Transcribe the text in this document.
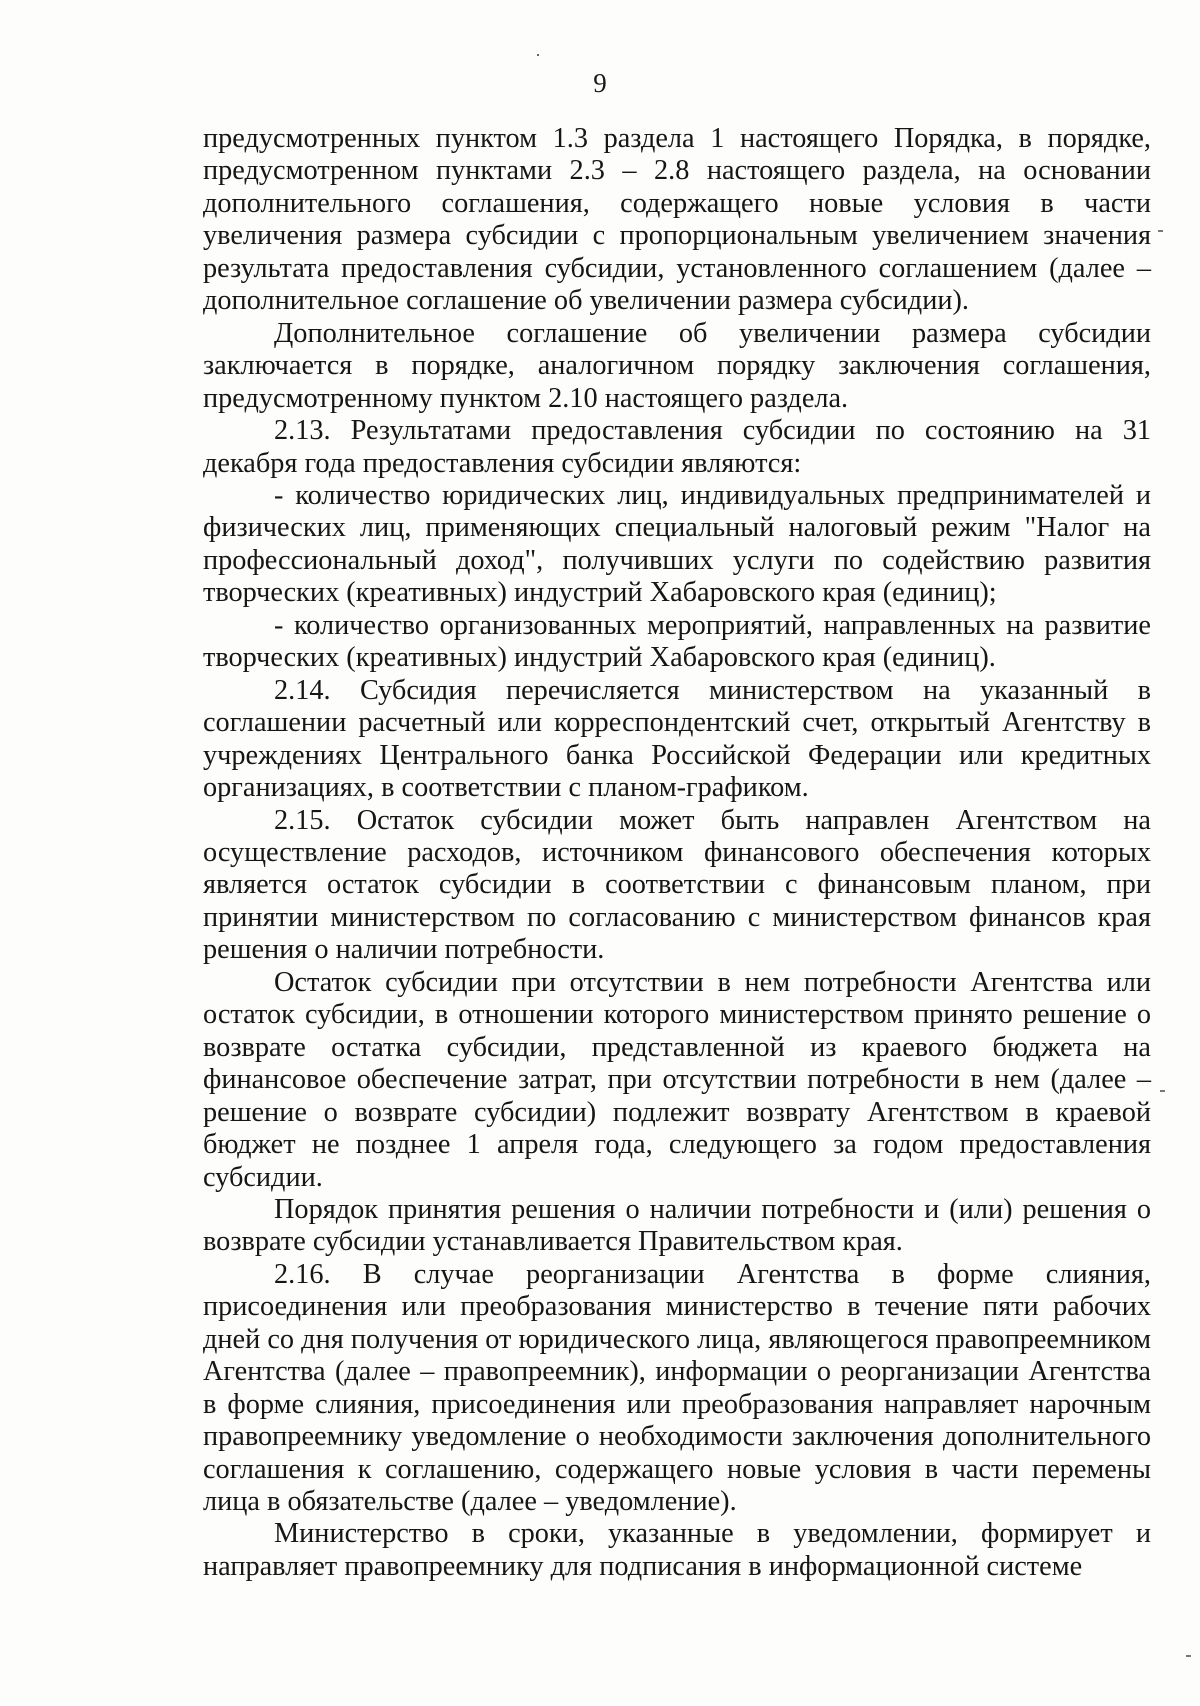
9

предусмотренных пунктом 1.3 раздела 1 настоящего Порядка, в порядке, предусмотренном пунктами 2.3 – 2.8 настоящего раздела, на основании дополнительного соглашения, содержащего новые условия в части увеличения размера субсидии с пропорциональным увеличением значения результата предоставления субсидии, установленного соглашением (далее – дополнительное соглашение об увеличении размера субсидии).

Дополнительное соглашение об увеличении размера субсидии заключается в порядке, аналогичном порядку заключения соглашения, предусмотренному пунктом 2.10 настоящего раздела.

2.13. Результатами предоставления субсидии по состоянию на 31 декабря года предоставления субсидии являются:

- количество юридических лиц, индивидуальных предпринимателей и физических лиц, применяющих специальный налоговый режим "Налог на профессиональный доход", получивших услуги по содействию развития творческих (креативных) индустрий Хабаровского края (единиц);

- количество организованных мероприятий, направленных на развитие творческих (креативных) индустрий Хабаровского края (единиц).

2.14. Субсидия перечисляется министерством на указанный в соглашении расчетный или корреспондентский счет, открытый Агентству в учреждениях Центрального банка Российской Федерации или кредитных организациях, в соответствии с планом-графиком.

2.15. Остаток субсидии может быть направлен Агентством на осуществление расходов, источником финансового обеспечения которых является остаток субсидии в соответствии с финансовым планом, при принятии министерством по согласованию с министерством финансов края решения о наличии потребности.

Остаток субсидии при отсутствии в нем потребности Агентства или остаток субсидии, в отношении которого министерством принято решение о возврате остатка субсидии, представленной из краевого бюджета на финансовое обеспечение затрат, при отсутствии потребности в нем (далее – решение о возврате субсидии) подлежит возврату Агентством в краевой бюджет не позднее 1 апреля года, следующего за годом предоставления субсидии.

Порядок принятия решения о наличии потребности и (или) решения о возврате субсидии устанавливается Правительством края.

2.16. В случае реорганизации Агентства в форме слияния, присоединения или преобразования министерство в течение пяти рабочих дней со дня получения от юридического лица, являющегося правопреемником Агентства (далее – правопреемник), информации о реорганизации Агентства в форме слияния, присоединения или преобразования направляет нарочным правопреемнику уведомление о необходимости заключения дополнительного соглашения к соглашению, содержащего новые условия в части перемены лица в обязательстве (далее – уведомление).

Министерство в сроки, указанные в уведомлении, формирует и направляет правопреемнику для подписания в информационной системе
